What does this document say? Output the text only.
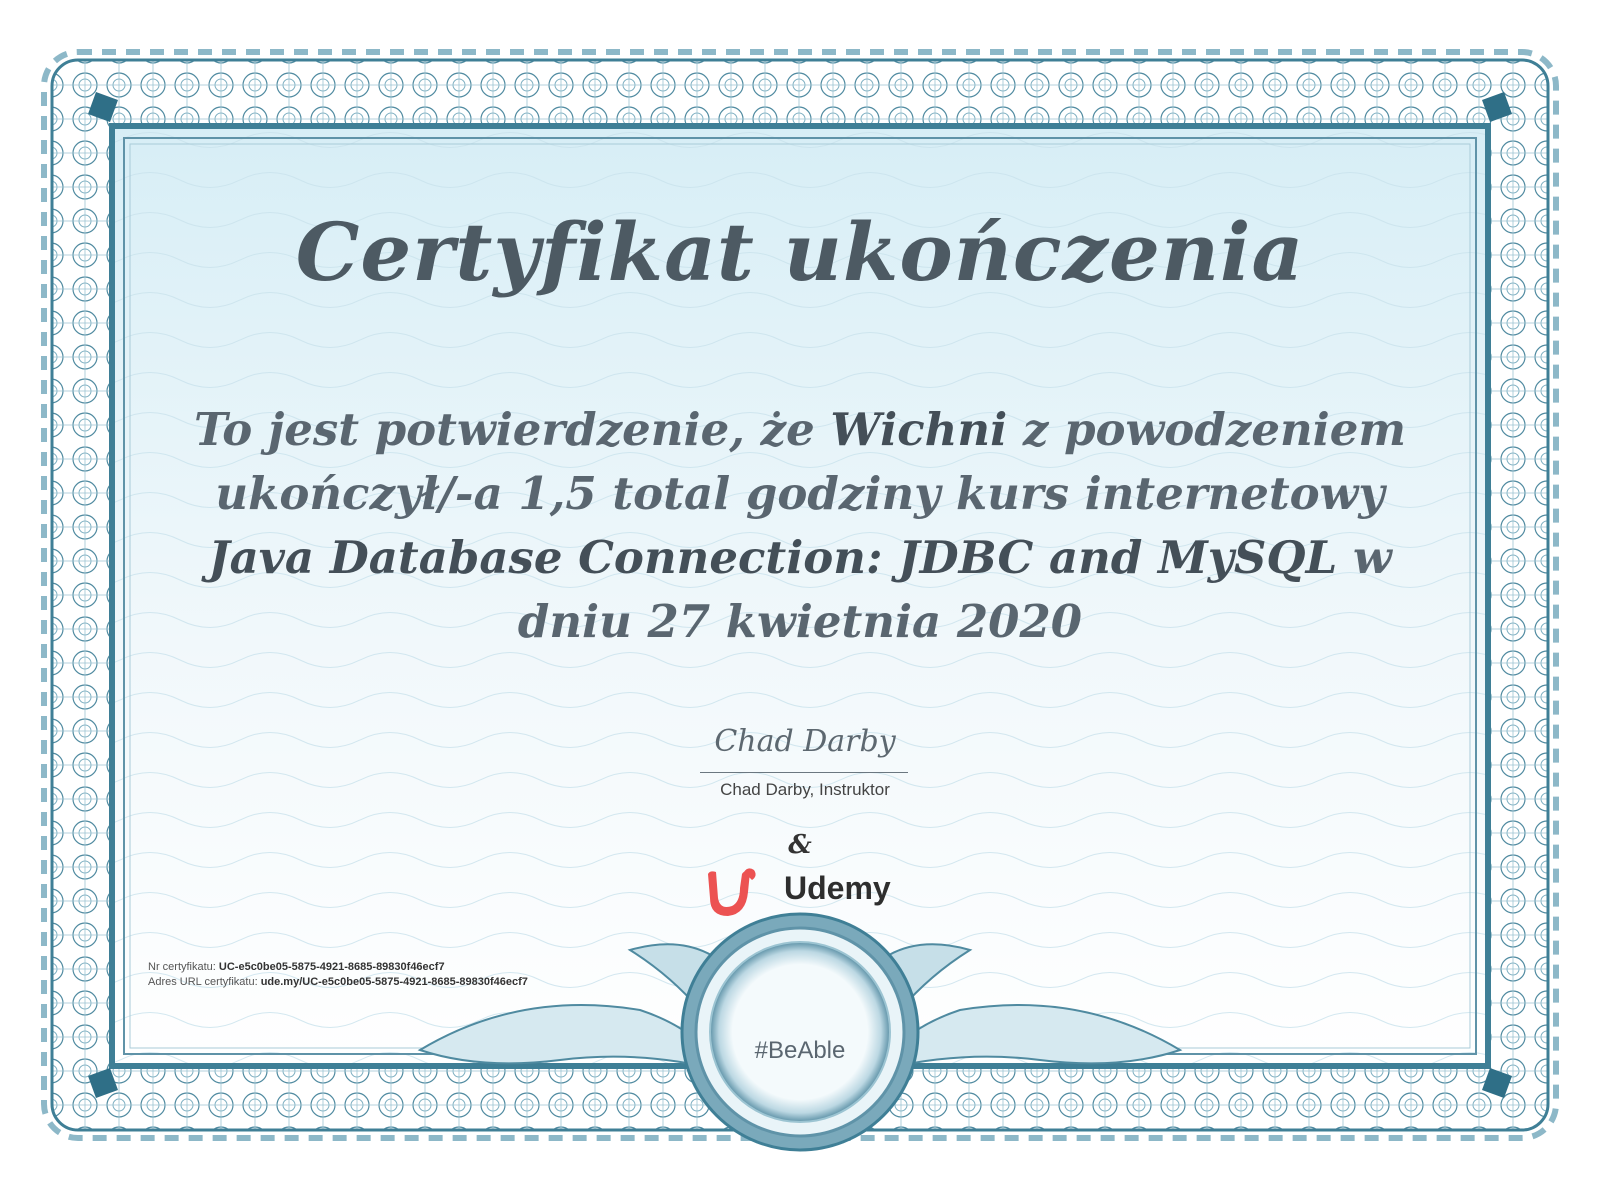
Certyfikat ukończenia
To jest potwierdzenie, że Wichni z powodzeniem ukończył/-a 1,5 total godziny kurs internetowy Java Database Connection: JDBC and MySQL w dniu 27 kwietnia 2020
Chad Darby
Chad Darby, Instruktor
&
Udemy
Nr certyfikatu: UC-e5c0be05-5875-4921-8685-89830f46ecf7
Adres URL certyfikatu: ude.my/UC-e5c0be05-5875-4921-8685-89830f46ecf7
#BeAble
